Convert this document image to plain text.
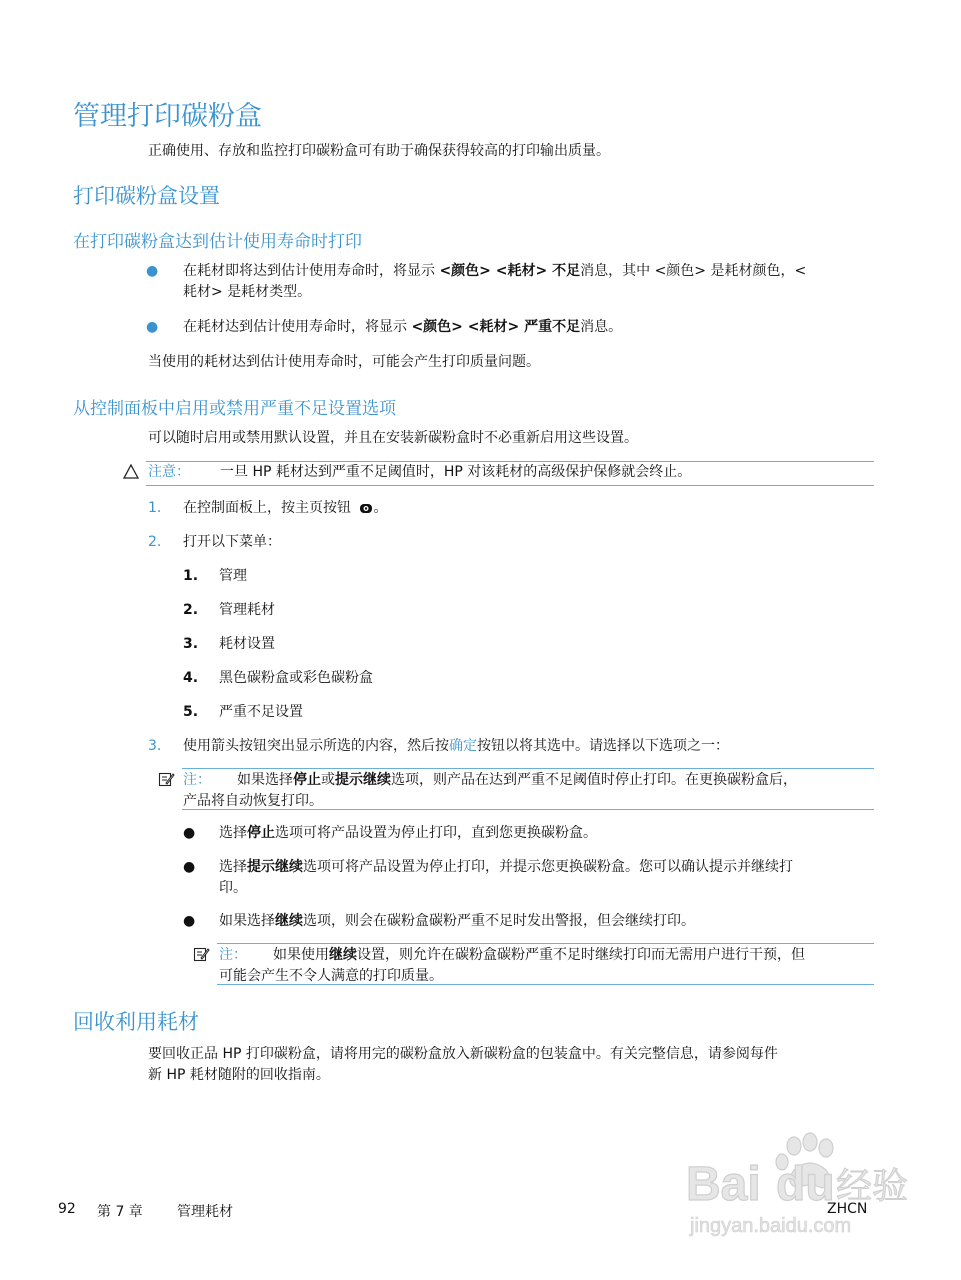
管理打印碳粉盒

正确使用、存放和监控打印碳粉盒可有助于确保获得较高的打印输出质量。

打印碳粉盒设置
在打印碳粉盒达到估计使用寿命时打印
● 在耗材即将达到估计使用寿命时，将显示 <颜色> <耗材> 不足消息，其中 <颜色> 是耗材颜色，<
耗材> 是耗材类型。

● 在耗材达到估计使用寿命时，将显示 <颜色> <耗材> 严重不足消息。

当使用的耗材达到估计使用寿命时，可能会产生打印质量问题。

从控制面板中启用或禁用严重不足设置选项

可以随时启用或禁用默认设置，并且在安装新碳粉盒时不必重新启用这些设置。

注意： 一旦 HP 耗材达到严重不足阈值时，HP 对该耗材的高级保护保修就会终止。

1. 在控制面板上，按主页按钮 。

2. 打开以下菜单：

1. 管理
2. 管理耗材
3. 耗材设置
4. 黑色碳粉盒或彩色碳粉盒
5. 严重不足设置
3. 使用箭头按钮突出显示所选的内容，然后按确定按钮以将其选中。请选择以下选项之一：

注： 如果选择停止或提示继续选项，则产品在达到严重不足阈值时停止打印。在更换碳粉盒后，
产品将自动恢复打印。

● 选择停止选项可将产品设置为停止打印，直到您更换碳粉盒。

● 选择提示继续选项可将产品设置为停止打印，并提示您更换碳粉盒。您可以确认提示并继续打
印。

● 如果选择继续选项，则会在碳粉盒碳粉严重不足时发出警报，但会继续打印。

注： 如果使用继续设置，则允许在碳粉盒碳粉严重不足时继续打印而无需用户进行干预，但
可能会产生不令人满意的打印质量。

回收利用耗材

要回收正品 HP 打印碳粉盒，请将用完的碳粉盒放入新碳粉盒的包装盒中。有关完整信息，请参阅每件
新 HP 耗材随附的回收指南。

Bai du 经验
jingyan.baidu.com
92 第 7 章 管理耗材	ZHCN
